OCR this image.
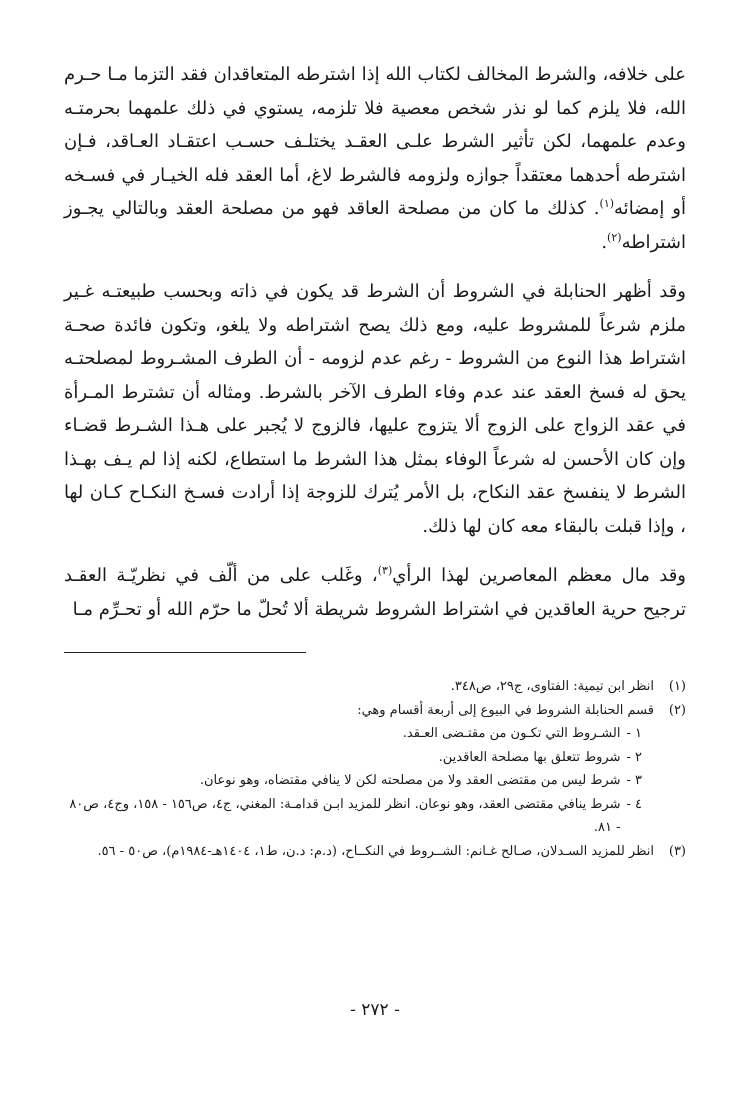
على خلافه، والشرط المخالف لكتاب الله إذا اشترطه المتعاقدان فقد التزما مـا حـرم الله، فلا يلزم كما لو نذر شخص معصية فلا تلزمه، يستوي في ذلك علمهما بحرمتـه وعدم علمهما، لكن تأثير الشرط علـى العقـد يختلـف حسـب اعتقـاد العـاقد، فـإن اشترطه أحدهما معتقداً جوازه ولزومه فالشرط لاغ، أما العقد فله الخيـار في فسـخه أو إمضائه$^{(١)}$. كذلك ما كان من مصلحة العاقد فهو من مصلحة العقد وبالتالي يجـوز اشتراطه$^{(٢)}$.

وقد أظهر الحنابلة في الشروط أن الشرط قد يكون في ذاته وبحسب طبيعتـه غـير ملزم شرعاً للمشروط عليه، ومع ذلك يصح اشتراطه ولا يلغو، وتكون فائدة صحـة اشتراط هذا النوع من الشروط - رغم عدم لزومه - أن الطرف المشـروط لمصلحتـه يحق له فسخ العقد عند عدم وفاء الطرف الآخر بالشرط. ومثاله أن تشترط المـرأة في عقد الزواج على الزوج ألا يتزوج عليها، فالزوج لا يُجبر على هـذا الشـرط قضـاء وإن كان الأحسن له شرعاً الوفاء بمثل هذا الشرط ما استطاع، لكنه إذا لم يـف بهـذا الشرط لا ينفسخ عقد النكاح، بل الأمر يُترك للزوجة إذا أرادت فسـخ النكـاح كـان لها ، وإذا قبلت بالبقاء معه كان لها ذلك.

وقد مال معظم المعاصرين لهذا الرأي$^{(٣)}$، وغَلب على من ألّف في نظريّـة العقـد ترجيح حرية العاقدين في اشتراط الشروط شريطة ألا تُحلّ ما حرّم الله أو تحـرِّم مـا

(١)
انظر ابن تيمية: الفتاوى، ج٢٩، ص٣٤٨.
(٢)
قسم الحنابلة الشروط في البيوع إلى أربعة أقسام وهي:
١ -
الشـروط التي تكـون من مقتـضى العـقد.
٢ -
شروط تتعلق بها مصلحة العاقدين.
٣ -
شرط ليس من مقتضى العقد ولا من مصلحته لكن لا ينافي مقتضاه، وهو نوعان.
٤ -
شرط ينافي مقتضى العقد، وهو نوعان. انظر للمزيد ابـن قدامـة: المغني، ج٤، ص١٥٦ - ١٥٨، وج٤، ص٨٠ - ٨١.
(٣)
انظر للمزيد السـدلان، صـالح غـانم: الشــروط في النكــاح، (د.م: د.ن، ط١، ١٤٠٤هـ-١٩٨٤م)، ص٥٠ - ٥٦.
- ٢٧٢ -
